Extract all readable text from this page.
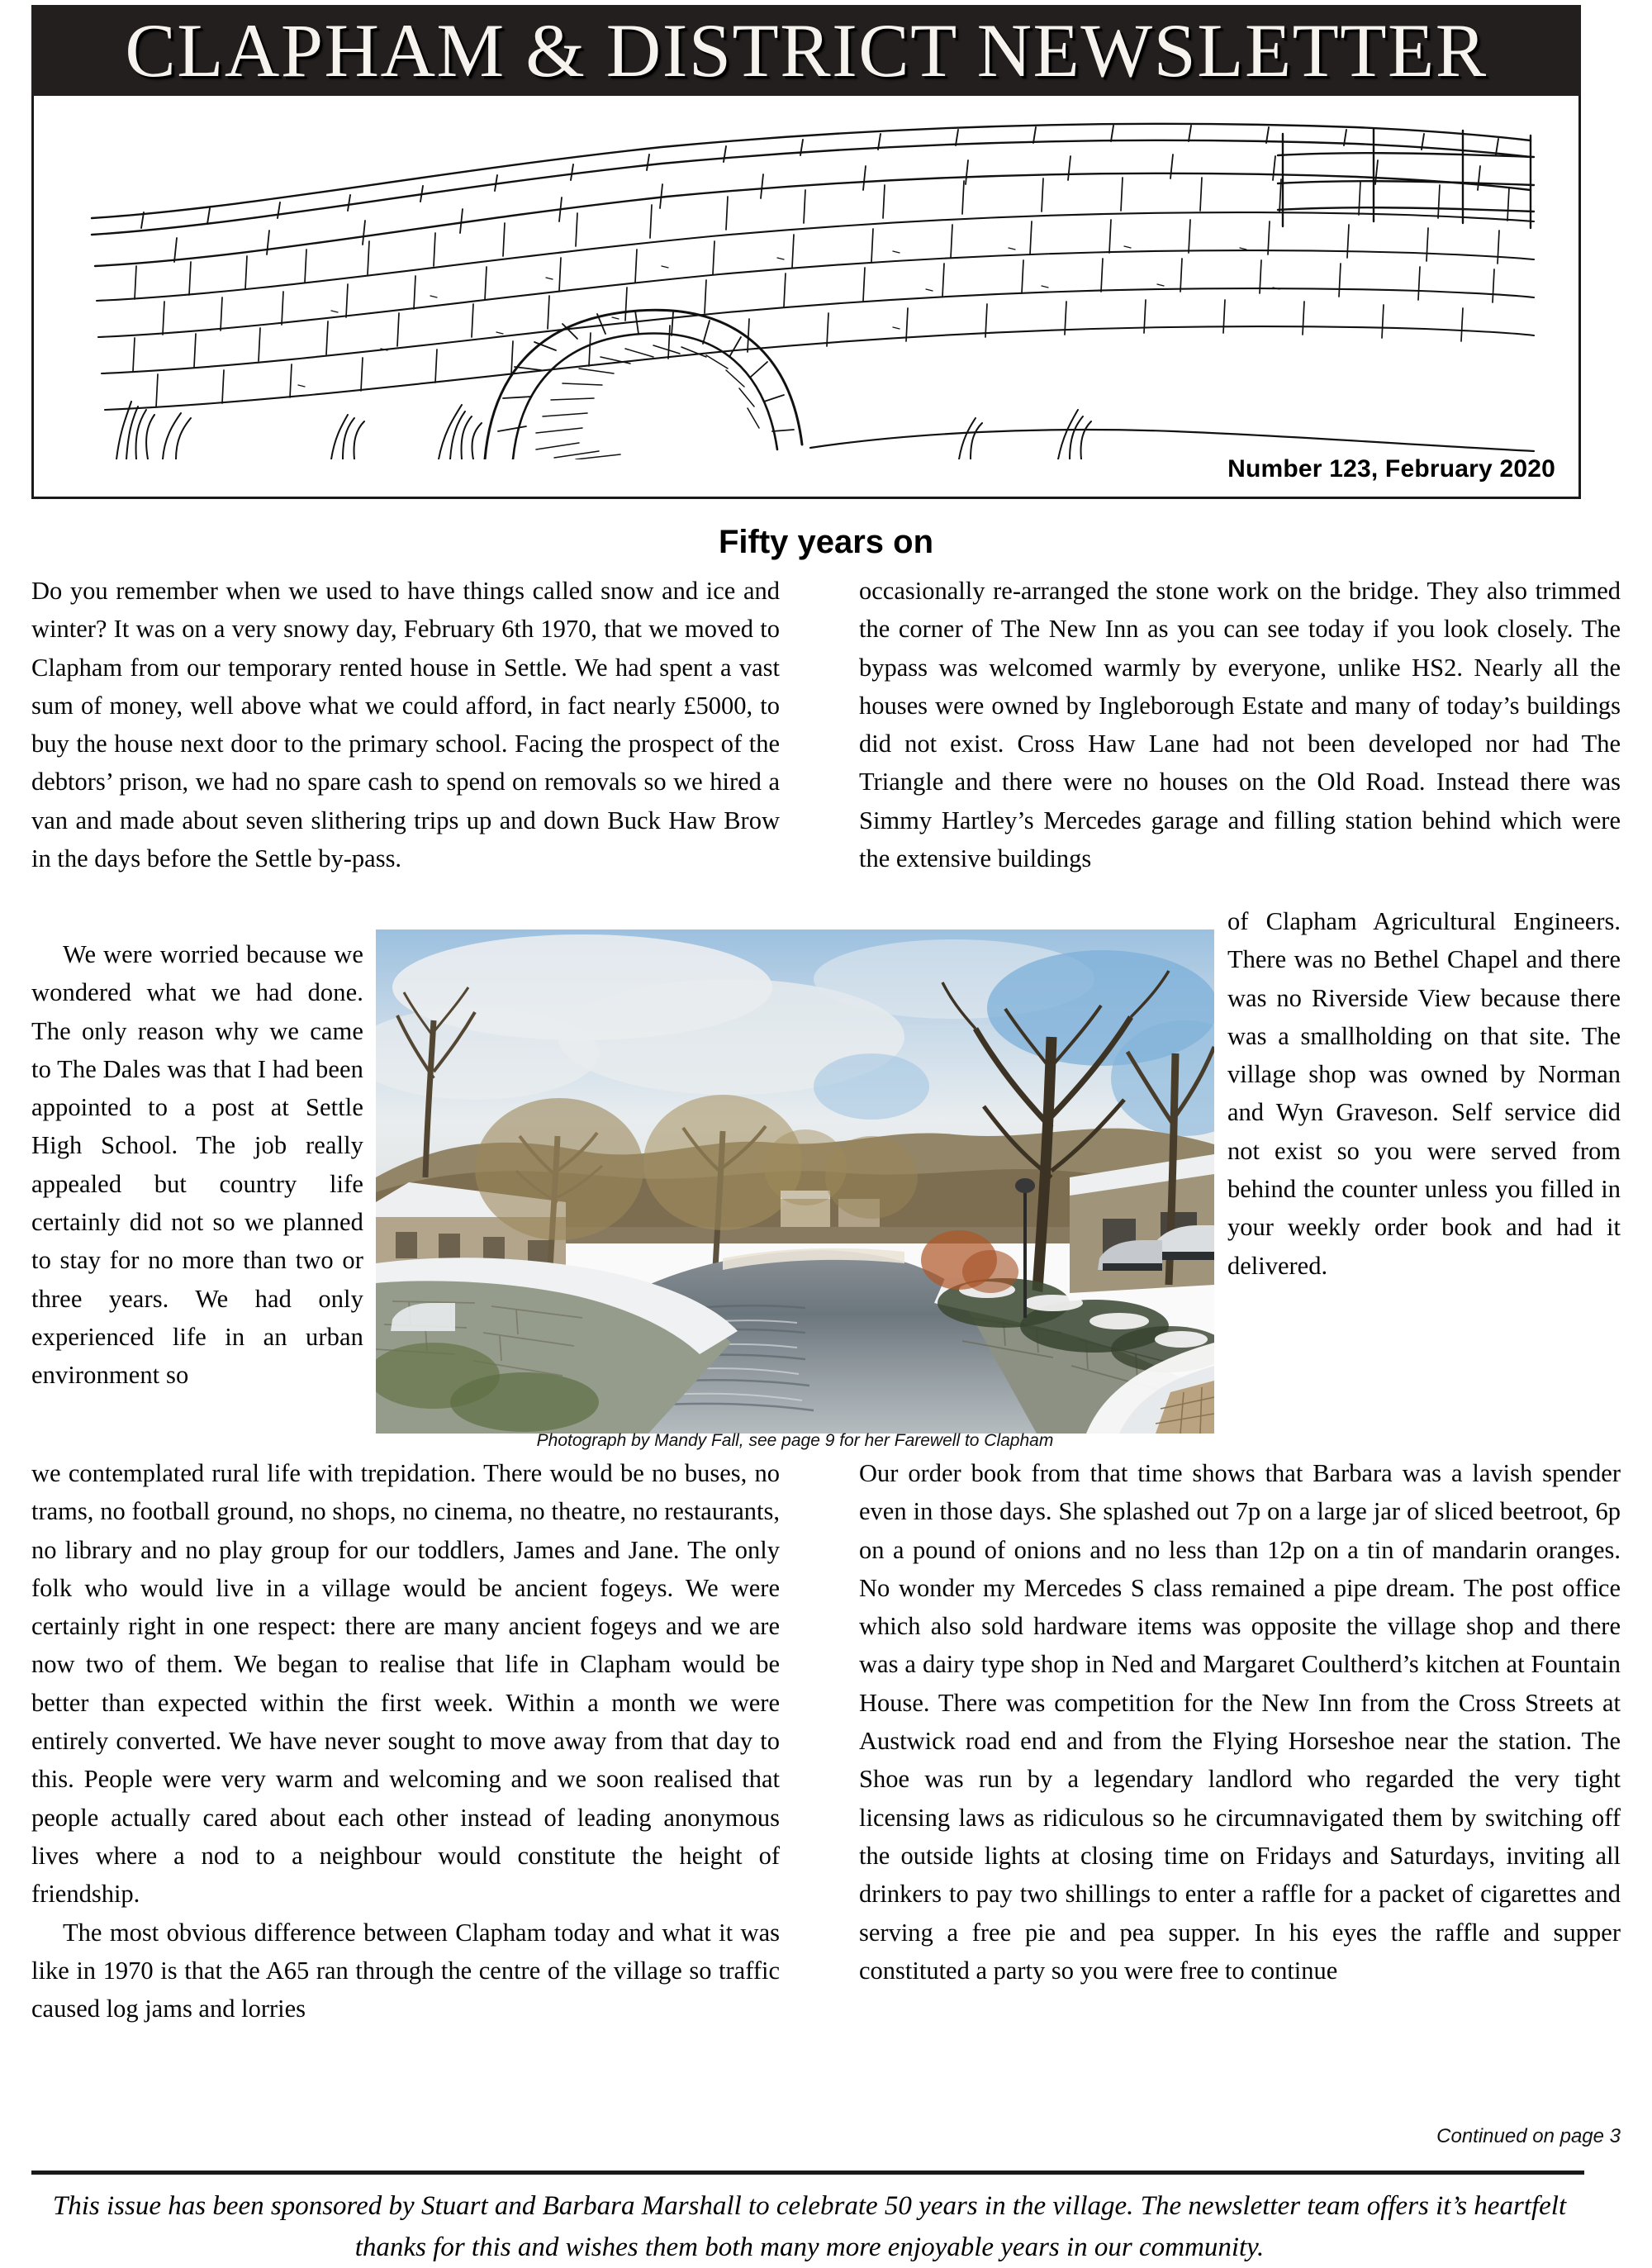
CLAPHAM & DISTRICT NEWSLETTER
Number 123, February 2020
Fifty years on

Do you remember when we used to have things called snow and ice and winter? It was on a very snowy day, February 6th 1970, that we moved to Clapham from our temporary rented house in Settle. We had spent a vast sum of money, well above what we could afford, in fact nearly £5000, to buy the house next door to the primary school. Facing the prospect of the debtors’ prison, we had no spare cash to spend on removals so we hired a van and made about seven slithering trips up and down Buck Haw Brow in the days before the Settle by-pass.

occasionally re-arranged the stone work on the bridge. They also trimmed the corner of The New Inn as you can see today if you look closely. The bypass was welcomed warmly by everyone, unlike HS2. Nearly all the houses were owned by Ingleborough Estate and many of today’s buildings did not exist. Cross Haw Lane had not been developed nor had The Triangle and there were no houses on the Old Road. Instead there was Simmy Hartley’s Mercedes garage and filling station behind which were the extensive buildings

We were worried because we wondered what we had done. The only reason why we came to The Dales was that I had been appointed to a post at Settle High School. The job really appealed but country life certainly did not so we planned to stay for no more than two or three years. We had only experienced life in an urban environment so

of Clapham Agricultural Engineers. There was no Bethel Chapel and there was no Riverside View because there was a smallholding on that site. The village shop was owned by Norman and Wyn Graveson. Self service did not exist so you were served from behind the counter unless you filled in your weekly order book and had it delivered.

we contemplated rural life with trepidation. There would be no buses, no trams, no football ground, no shops, no cinema, no theatre, no restaurants, no library and no play group for our toddlers, James and Jane. The only folk who would live in a village would be ancient fogeys. We were certainly right in one respect: there are many ancient fogeys and we are now two of them. We began to realise that life in Clapham would be better than expected within the first week. Within a month we were entirely converted. We have never sought to move away from that day to this. People were very warm and welcoming and we soon realised that people actually cared about each other instead of leading anonymous lives where a nod to a neighbour would constitute the height of friendship.

The most obvious difference between Clapham today and what it was like in 1970 is that the A65 ran through the centre of the village so traffic caused log jams and lorries

Our order book from that time shows that Barbara was a lavish spender even in those days. She splashed out 7p on a large jar of sliced beetroot, 6p on a pound of onions and no less than 12p on a tin of mandarin oranges. No wonder my Mercedes S class remained a pipe dream. The post office which also sold hardware items was opposite the village shop and there was a dairy type shop in Ned and Margaret Coultherd’s kitchen at Fountain House. There was competition for the New Inn from the Cross Streets at Austwick road end and from the Flying Horseshoe near the station. The Shoe was run by a legendary landlord who regarded the very tight licensing laws as ridiculous so he circumnavigated them by switching off the outside lights at closing time on Fridays and Saturdays, inviting all drinkers to pay two shillings to enter a raffle for a packet of cigarettes and serving a free pie and pea supper. In his eyes the raffle and supper constituted a party so you were free to continue

Photograph by Mandy Fall, see page 9 for her Farewell to Clapham
Continued on page 3
This issue has been sponsored by Stuart and Barbara Marshall to celebrate 50 years in the village. The newsletter team offers it’s heartfelt thanks for this and wishes them both many more enjoyable years in our community.
